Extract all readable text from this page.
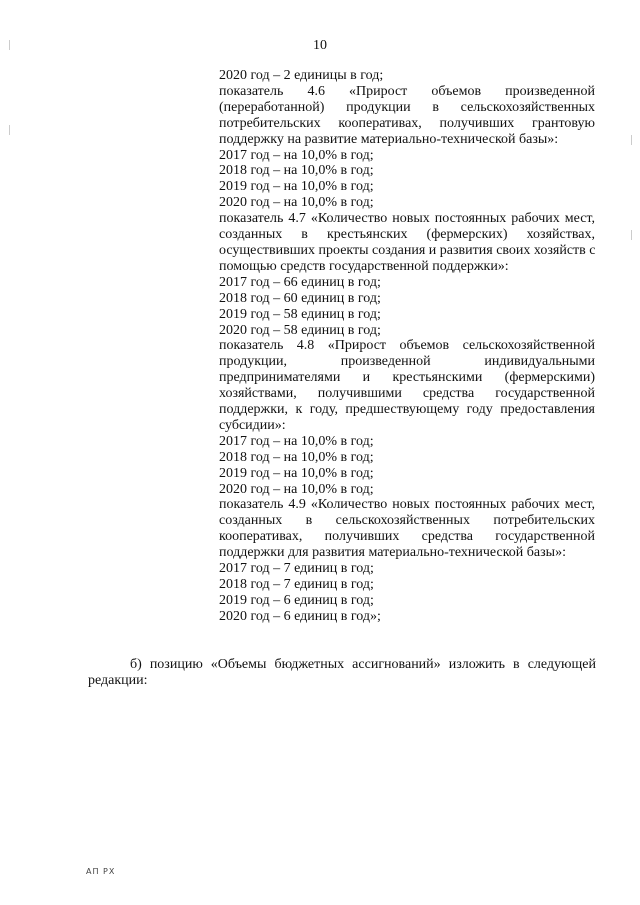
10
2020 год – 2 единицы в год;
показатель 4.6 «Прирост объемов произведенной
(переработанной) продукции в сельскохозяйственных
потребительских кооперативах, получивших грантовую
поддержку на развитие материально-технической базы»:
2017 год – на 10,0% в год;
2018 год – на 10,0% в год;
2019 год – на 10,0% в год;
2020 год – на 10,0% в год;
показатель 4.7 «Количество новых постоянных рабочих мест,
созданных в крестьянских (фермерских) хозяйствах,
осуществивших проекты создания и развития своих хозяйств с
помощью средств государственной поддержки»:
2017 год – 66 единиц в год;
2018 год – 60 единиц в год;
2019 год – 58 единиц в год;
2020 год – 58 единиц в год;
показатель 4.8 «Прирост объемов сельскохозяйственной
продукции, произведенной индивидуальными
предпринимателями и крестьянскими (фермерскими)
хозяйствами, получившими средства государственной
поддержки, к году, предшествующему году предоставления
субсидии»:
2017 год – на 10,0% в год;
2018 год – на 10,0% в год;
2019 год – на 10,0% в год;
2020 год – на 10,0% в год;
показатель 4.9 «Количество новых постоянных рабочих мест,
созданных в сельскохозяйственных потребительских
кооперативах, получивших средства государственной
поддержки для развития материально-технической базы»:
2017 год – 7 единиц в год;
2018 год – 7 единиц в год;
2019 год – 6 единиц в год;
2020 год – 6 единиц в год»;
б) позицию «Объемы бюджетных ассигнований» изложить в следующей
редакции:
АП РХ
